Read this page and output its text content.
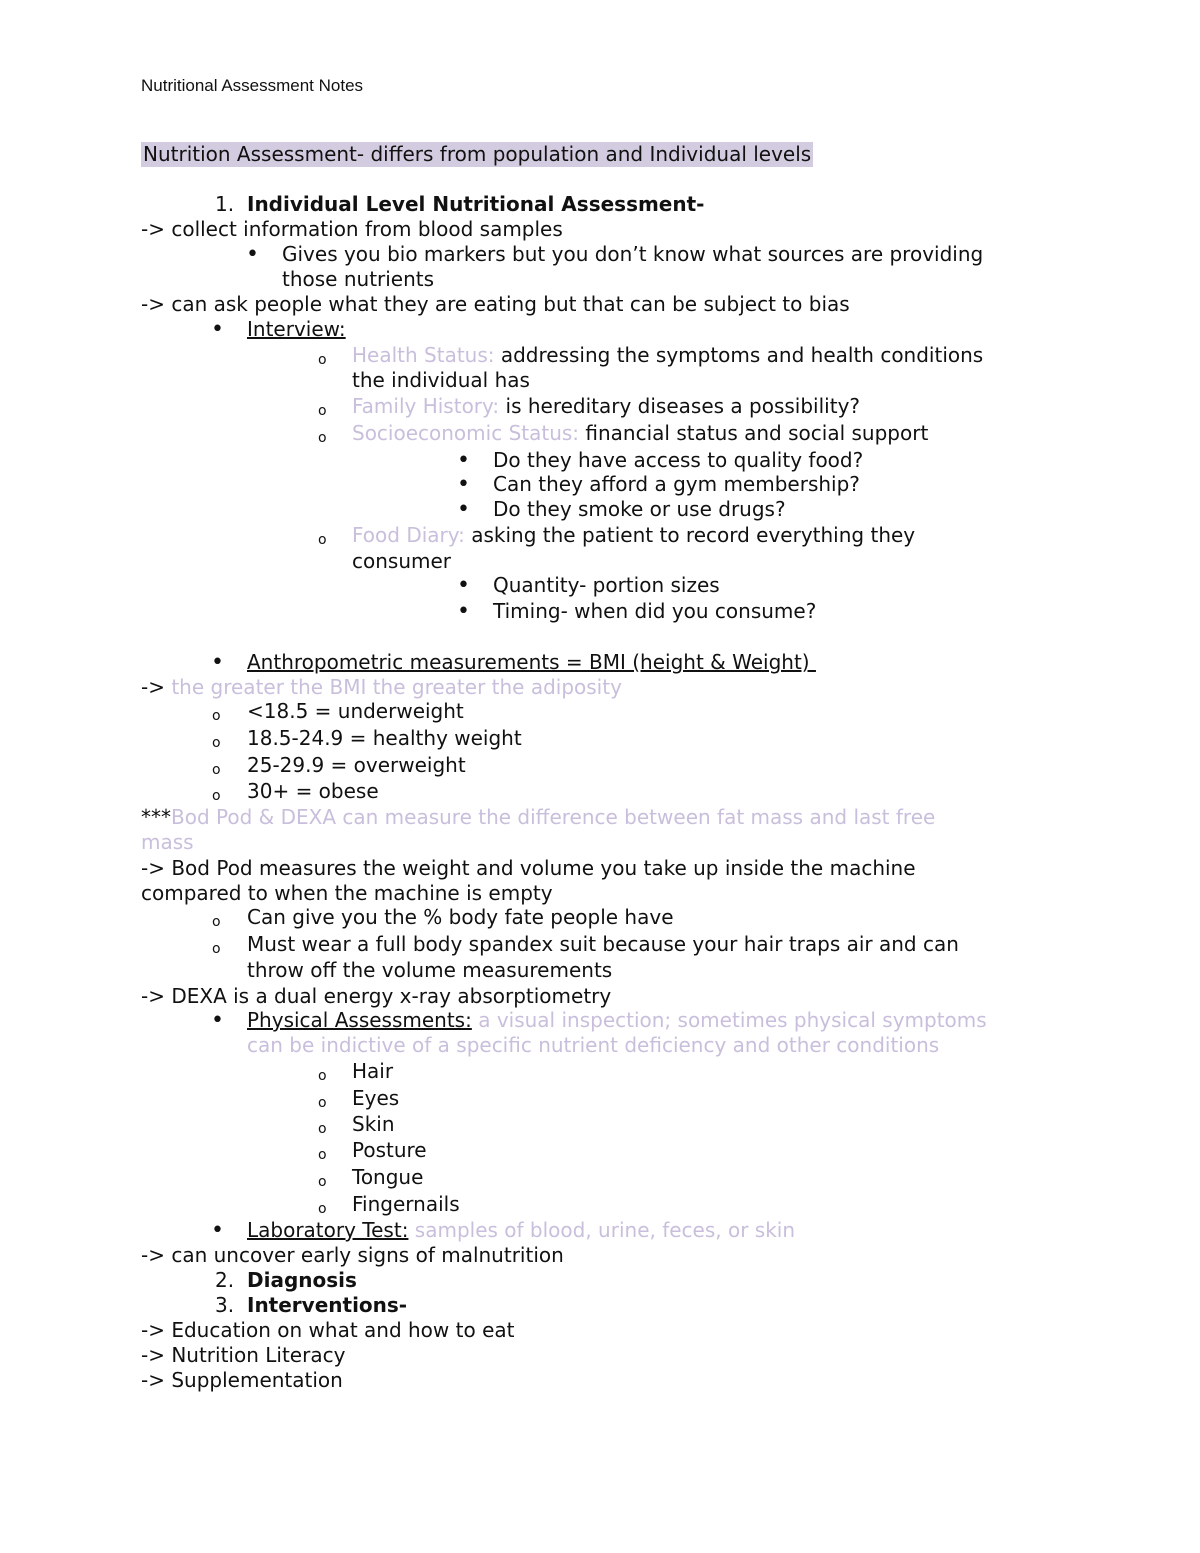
Nutritional Assessment Notes
Nutrition Assessment- differs from population and Individual levels
1. Individual Level Nutritional Assessment-
-> collect information from blood samples
•
Gives you bio markers but you don’t know what sources are providing
those nutrients
-> can ask people what they are eating but that can be subject to bias
•
Interview:
o
Health Status: addressing the symptoms and health conditions
the individual has
o
Family History: is hereditary diseases a possibility?
o
Socioeconomic Status: financial status and social support
•
Do they have access to quality food?
•
Can they afford a gym membership?
•
Do they smoke or use drugs?
o
Food Diary: asking the patient to record everything they
consumer
•
Quantity- portion sizes
•
Timing- when did you consume?
•
Anthropometric measurements = BMI (height & Weight)
-> the greater the BMI the greater the adiposity
o
<18.5 = underweight
o
18.5-24.9 = healthy weight
o
25-29.9 = overweight
o
30+ = obese
***Bod Pod & DEXA can measure the difference between fat mass and last free
mass
-> Bod Pod measures the weight and volume you take up inside the machine
compared to when the machine is empty
o
Can give you the % body fate people have
o
Must wear a full body spandex suit because your hair traps air and can
throw off the volume measurements
-> DEXA is a dual energy x-ray absorptiometry
•
Physical Assessments: a visual inspection; sometimes physical symptoms
can be indictive of a specific nutrient deficiency and other conditions
o
Hair
o
Eyes
o
Skin
o
Posture
o
Tongue
o
Fingernails
•
Laboratory Test: samples of blood, urine, feces, or skin
-> can uncover early signs of malnutrition
2. Diagnosis
3. Interventions-
-> Education on what and how to eat
-> Nutrition Literacy
-> Supplementation
